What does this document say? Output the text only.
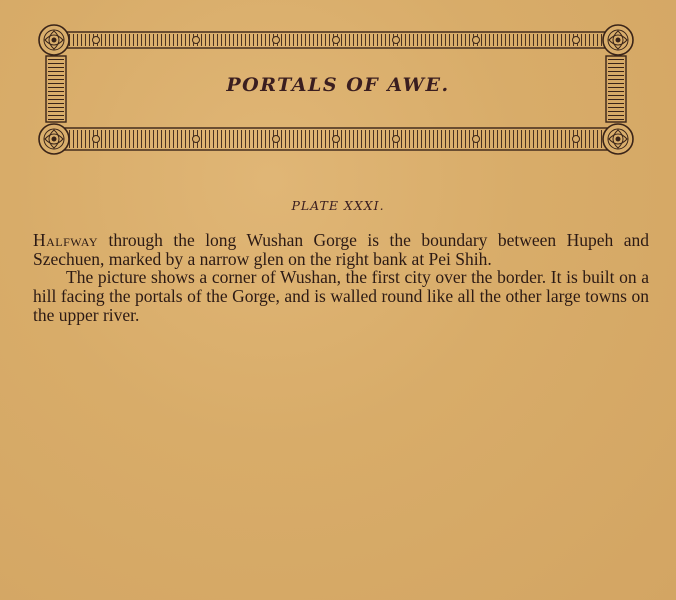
PORTALS OF AWE.
PLATE XXXI.

Halfway through the long Wushan Gorge is the boundary between Hupeh and Szechuen, marked by a narrow glen on the right bank at Pei Shih.

The picture shows a corner of Wushan, the first city over the border. It is built on a hill facing the portals of the Gorge, and is walled round like all the other large towns on the upper river.
